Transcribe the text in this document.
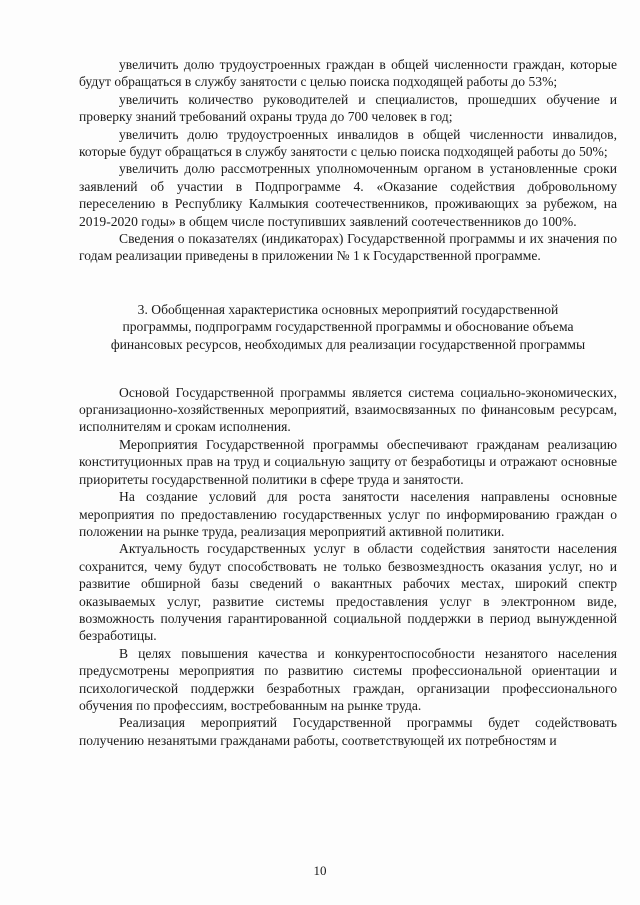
увеличить долю трудоустроенных граждан в общей численности граждан, которые будут обращаться в службу занятости с целью поиска подходящей работы до 53%;

увеличить количество руководителей и специалистов, прошедших обучение и проверку знаний требований охраны труда до 700 человек в год;

увеличить долю трудоустроенных инвалидов в общей численности инвалидов, которые будут обращаться в службу занятости с целью поиска подходящей работы до 50%;

увеличить долю рассмотренных уполномоченным органом в установленные сроки заявлений об участии в Подпрограмме 4. «Оказание содействия добровольному переселению в Республику Калмыкия соотечественников, проживающих за рубежом, на 2019-2020 годы» в общем числе поступивших заявлений соотечественников до 100%.

Сведения о показателях (индикаторах) Государственной программы и их значения по годам реализации приведены в приложении № 1 к Государственной программе.

3. Обобщенная характеристика основных мероприятий государственной
программы, подпрограмм государственной программы и обоснование объема
финансовых ресурсов, необходимых для реализации государственной программы

Основой Государственной программы является система социально-экономических, организационно-хозяйственных мероприятий, взаимосвязанных по финансовым ресурсам, исполнителям и срокам исполнения.

Мероприятия Государственной программы обеспечивают гражданам реализацию конституционных прав на труд и социальную защиту от безработицы и отражают основные приоритеты государственной политики в сфере труда и занятости.

На создание условий для роста занятости населения направлены основные мероприятия по предоставлению государственных услуг по информированию граждан о положении на рынке труда, реализация мероприятий активной политики.

Актуальность государственных услуг в области содействия занятости населения сохранится, чему будут способствовать не только безвозмездность оказания услуг, но и развитие обширной базы сведений о вакантных рабочих местах, широкий спектр оказываемых услуг, развитие системы предоставления услуг в электронном виде, возможность получения гарантированной социальной поддержки в период вынужденной безработицы.

В целях повышения качества и конкурентоспособности незанятого населения предусмотрены мероприятия по развитию системы профессиональной ориентации и психологической поддержки безработных граждан, организации профессионального обучения по профессиям, востребованным на рынке труда.

Реализация мероприятий Государственной программы будет содействовать получению незанятыми гражданами работы, соответствующей их потребностям и

10
